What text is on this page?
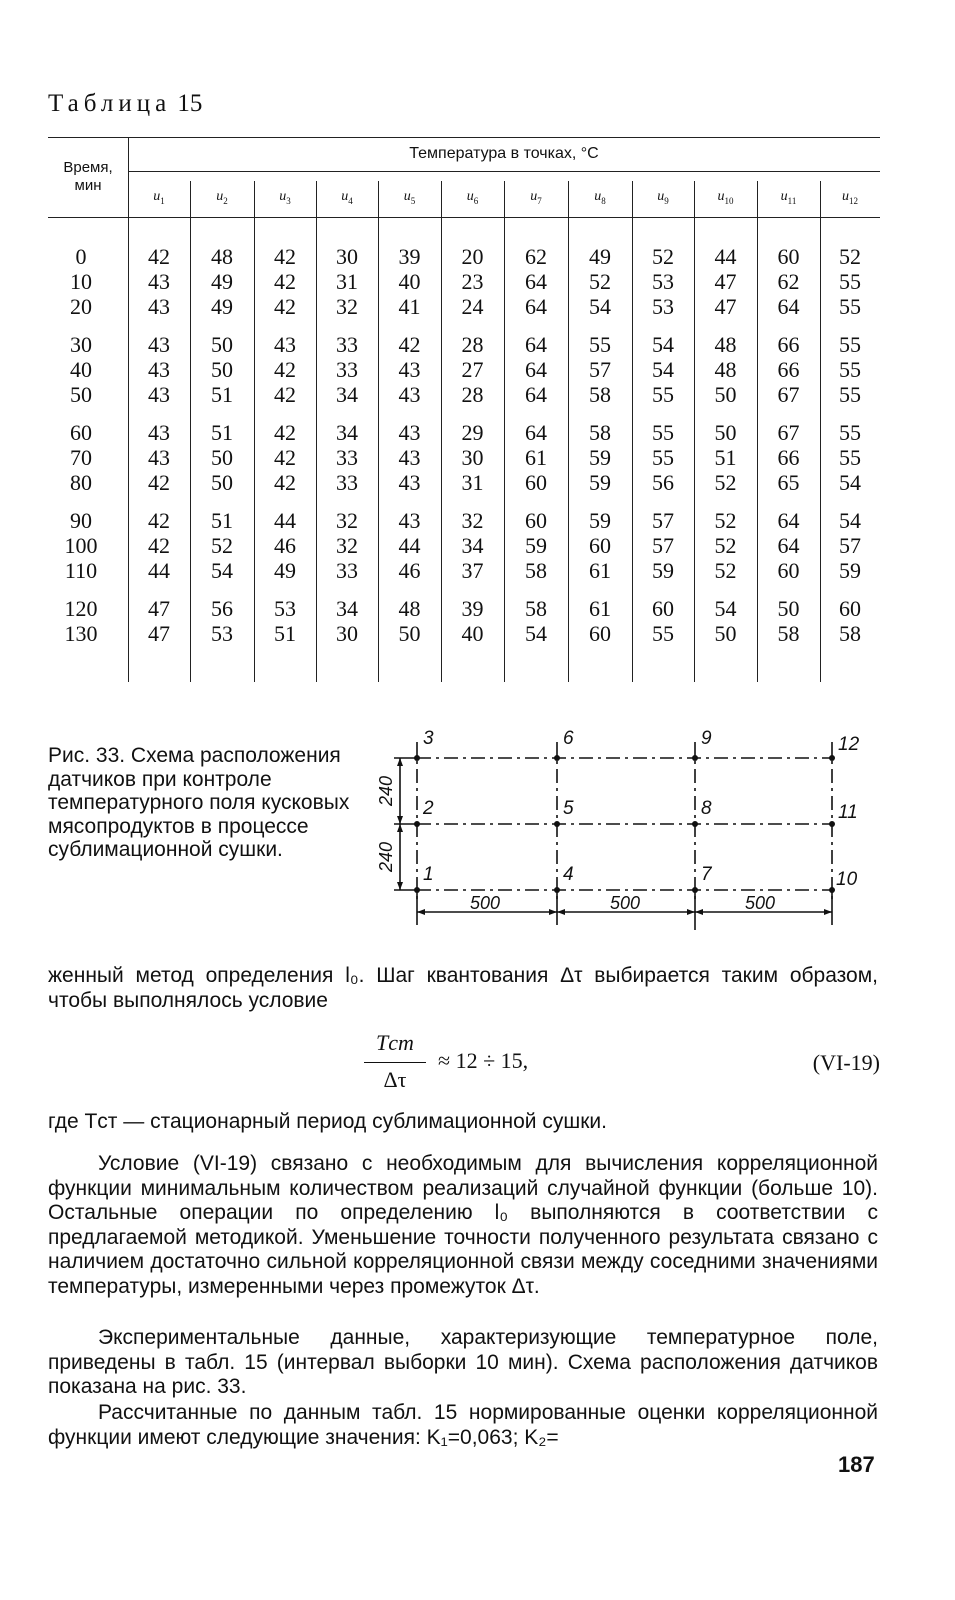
Таблица 15
Время,
мин
Температура в точках, °С
$u_1$	$u_2$	$u_3$	$u_4$	$u_5$	$u_6$	$u_7$	$u_8$	$u_9$	$u_{10}$	$u_{11}$	$u_{12}$
0	42	48	42	30	39	20	62	49	52	44	60	52
10	43	49	42	31	40	23	64	52	53	47	62	55
20	43	49	42	32	41	24	64	54	53	47	64	55
30	43	50	43	33	42	28	64	55	54	48	66	55
40	43	50	42	33	43	27	64	57	54	48	66	55
50	43	51	42	34	43	28	64	58	55	50	67	55
60	43	51	42	34	43	29	64	58	55	50	67	55
70	43	50	42	33	43	30	61	59	55	51	66	55
80	42	50	42	33	43	31	60	59	56	52	65	54
90	42	51	44	32	43	32	60	59	57	52	64	54
100	42	52	46	32	44	34	59	60	57	52	64	57
110	44	54	49	33	46	37	58	61	59	52	60	59
120	47	56	53	34	48	39	58	61	60	54	50	60
130	47	53	51	30	50	40	54	60	55	50	58	58
Рис. 33. Схема расположения датчиков при контроле температурного поля кусковых мясопродуктов в процессе сублимационной сушки.
1
2
3
4
5
6
7
8
9
10
11
12
240
240
500	500	500
женный метод определения l₀. Шаг квантования Δτ выбирается таким образом, чтобы выполнялось условие
Tст
Δτ
≈ 12 ÷ 15,	(VI-19)
где Tст — стационарный период сублимационной сушки.
Условие (VI-19) связано с необходимым для вычисления корреляционной функции минимальным количеством реализаций случайной функции (больше 10). Остальные операции по определению l₀ выполняются в соответствии с предлагаемой методикой. Уменьшение точности полученного результата связано с наличием достаточно сильной корреляционной связи между соседними значениями температуры, измеренными через промежуток Δτ.
Экспериментальные данные, характеризующие температурное поле, приведены в табл. 15 (интервал выборки 10 мин). Схема расположения датчиков показана на рис. 33.
Рассчитанные по данным табл. 15 нормированные оценки корреляционной функции имеют следующие значения: K₁=0,063; K₂=
187
